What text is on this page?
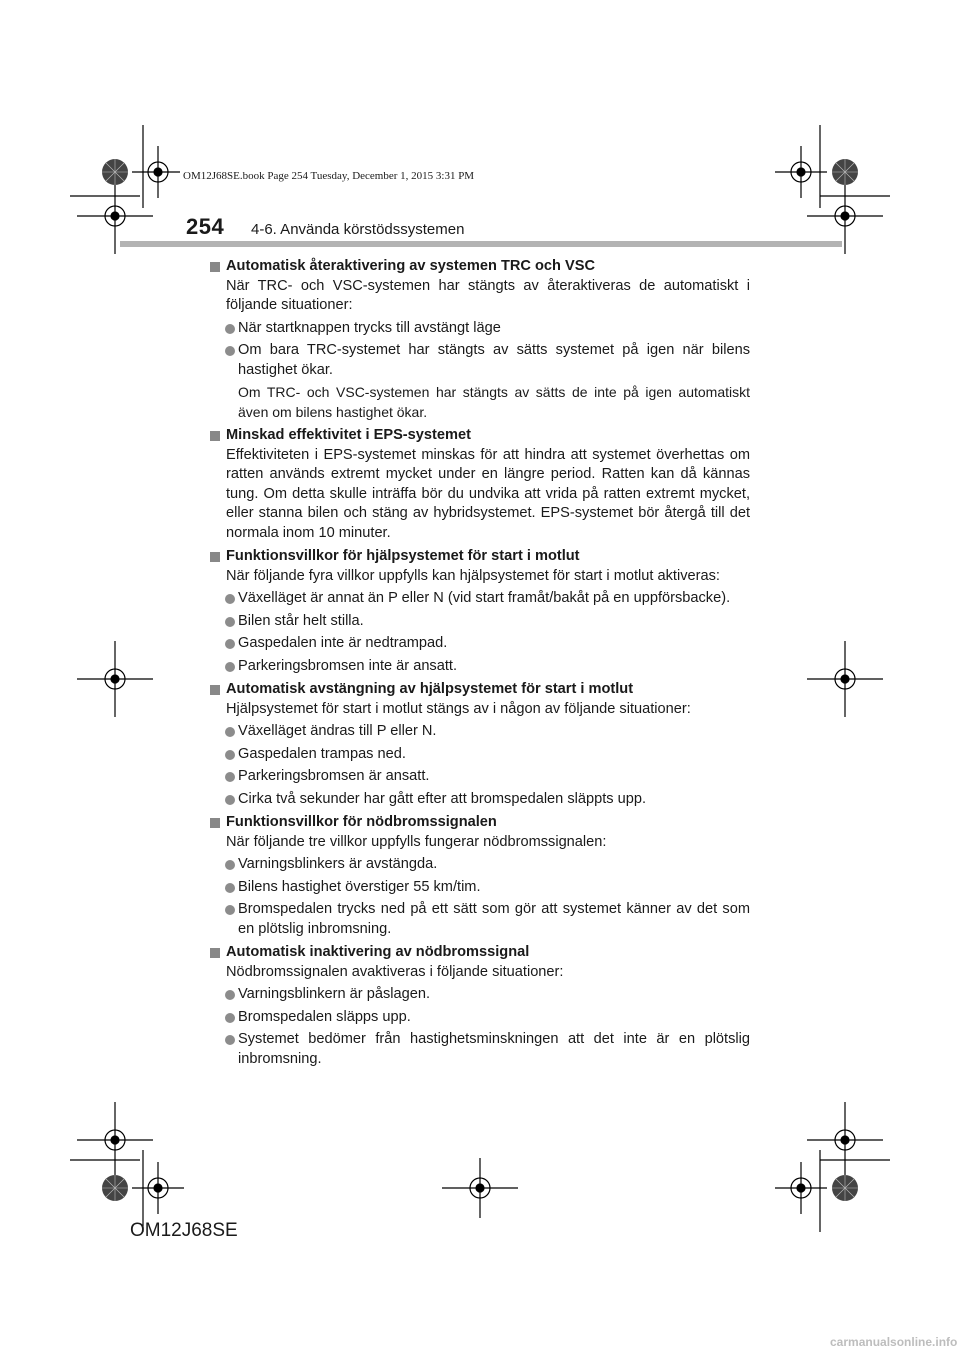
OM12J68SE.book Page 254 Tuesday, December 1, 2015 3:31 PM
254 4-6. Använda körstödssystemen
Automatisk återaktivering av systemen TRC och VSC
När TRC- och VSC-systemen har stängts av återaktiveras de automatiskt i följande situationer:
När startknappen trycks till avstängt läge
Om bara TRC-systemet har stängts av sätts systemet på igen när bilens hastighet ökar.
Om TRC- och VSC-systemen har stängts av sätts de inte på igen automatiskt även om bilens hastighet ökar.
Minskad effektivitet i EPS-systemet
Effektiviteten i EPS-systemet minskas för att hindra att systemet överhettas om ratten används extremt mycket under en längre period. Ratten kan då kännas tung. Om detta skulle inträffa bör du undvika att vrida på ratten extremt mycket, eller stanna bilen och stäng av hybridsystemet. EPS-systemet bör återgå till det normala inom 10 minuter.
Funktionsvillkor för hjälpsystemet för start i motlut
När följande fyra villkor uppfylls kan hjälpsystemet för start i motlut aktiveras:
Växelläget är annat än P eller N (vid start framåt/bakåt på en uppförsbacke).
Bilen står helt stilla.
Gaspedalen inte är nedtrampad.
Parkeringsbromsen inte är ansatt.
Automatisk avstängning av hjälpsystemet för start i motlut
Hjälpsystemet för start i motlut stängs av i någon av följande situationer:
Växelläget ändras till P eller N.
Gaspedalen trampas ned.
Parkeringsbromsen är ansatt.
Cirka två sekunder har gått efter att bromspedalen släppts upp.
Funktionsvillkor för nödbromssignalen
När följande tre villkor uppfylls fungerar nödbromssignalen:
Varningsblinkers är avstängda.
Bilens hastighet överstiger 55 km/tim.
Bromspedalen trycks ned på ett sätt som gör att systemet känner av det som en plötslig inbromsning.
Automatisk inaktivering av nödbromssignal
Nödbromssignalen avaktiveras i följande situationer:
Varningsblinkern är påslagen.
Bromspedalen släpps upp.
Systemet bedömer från hastighetsminskningen att det inte är en plötslig inbromsning.
OM12J68SE
carmanualsonline.info
